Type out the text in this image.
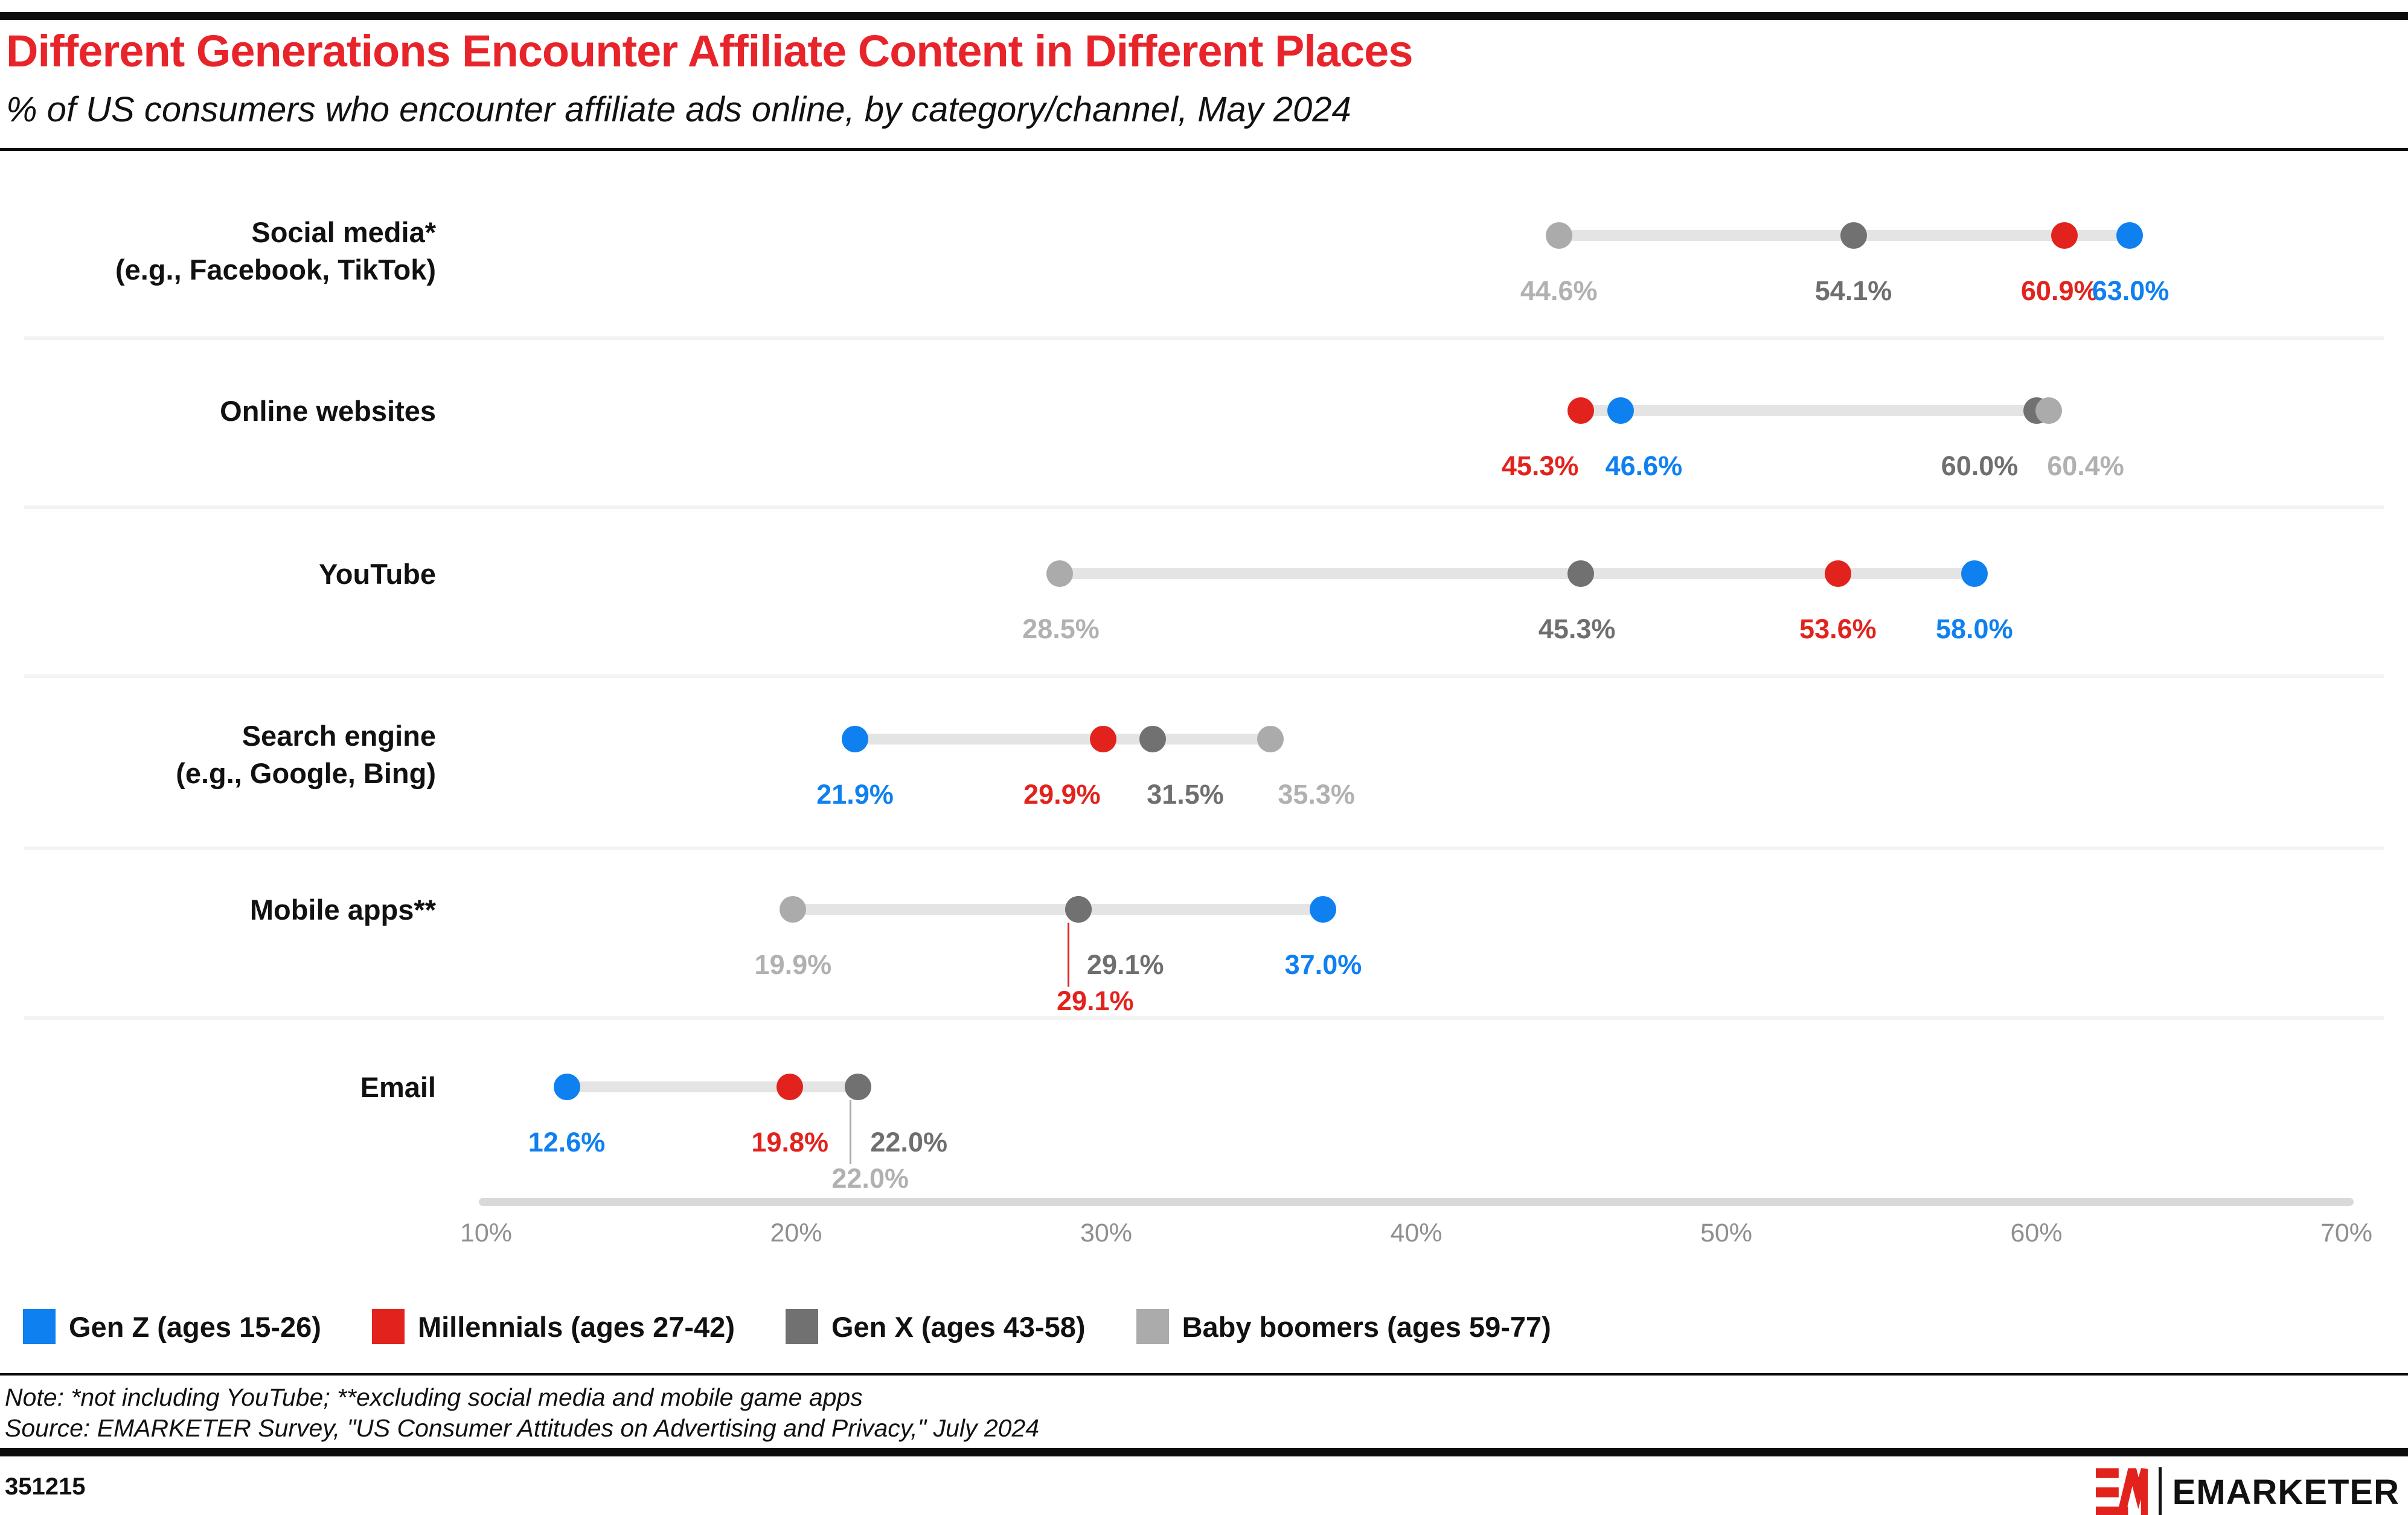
Different Generations Encounter Affiliate Content in Different Places
% of US consumers who encounter affiliate ads online, by category/channel, May 2024
Social media*
(e.g., Facebook, TikTok)
44.6%	54.1%	60.9%
63.0%
Online websites
45.3% 46.6%	60.0% 60.4%
YouTube
28.5%	45.3%	53.6% 58.0%
Search engine
(e.g., Google, Bing)
21.9%	29.9% 31.5% 35.3%
Mobile apps**
19.9%	29.1%	37.0%
29.1%
Email
12.6%	19.8% 22.0%
22.0%
10%	20%	30%	40%	50%	60%	70%
Gen Z (ages 15-26)	Millennials (ages 27-42)	Gen X (ages 43-58)	Baby boomers (ages 59-77)
Note: *not including YouTube; **excluding social media and mobile game apps
Source: EMARKETER Survey, "US Consumer Attitudes on Advertising and Privacy," July 2024
351215	EMARKETER
